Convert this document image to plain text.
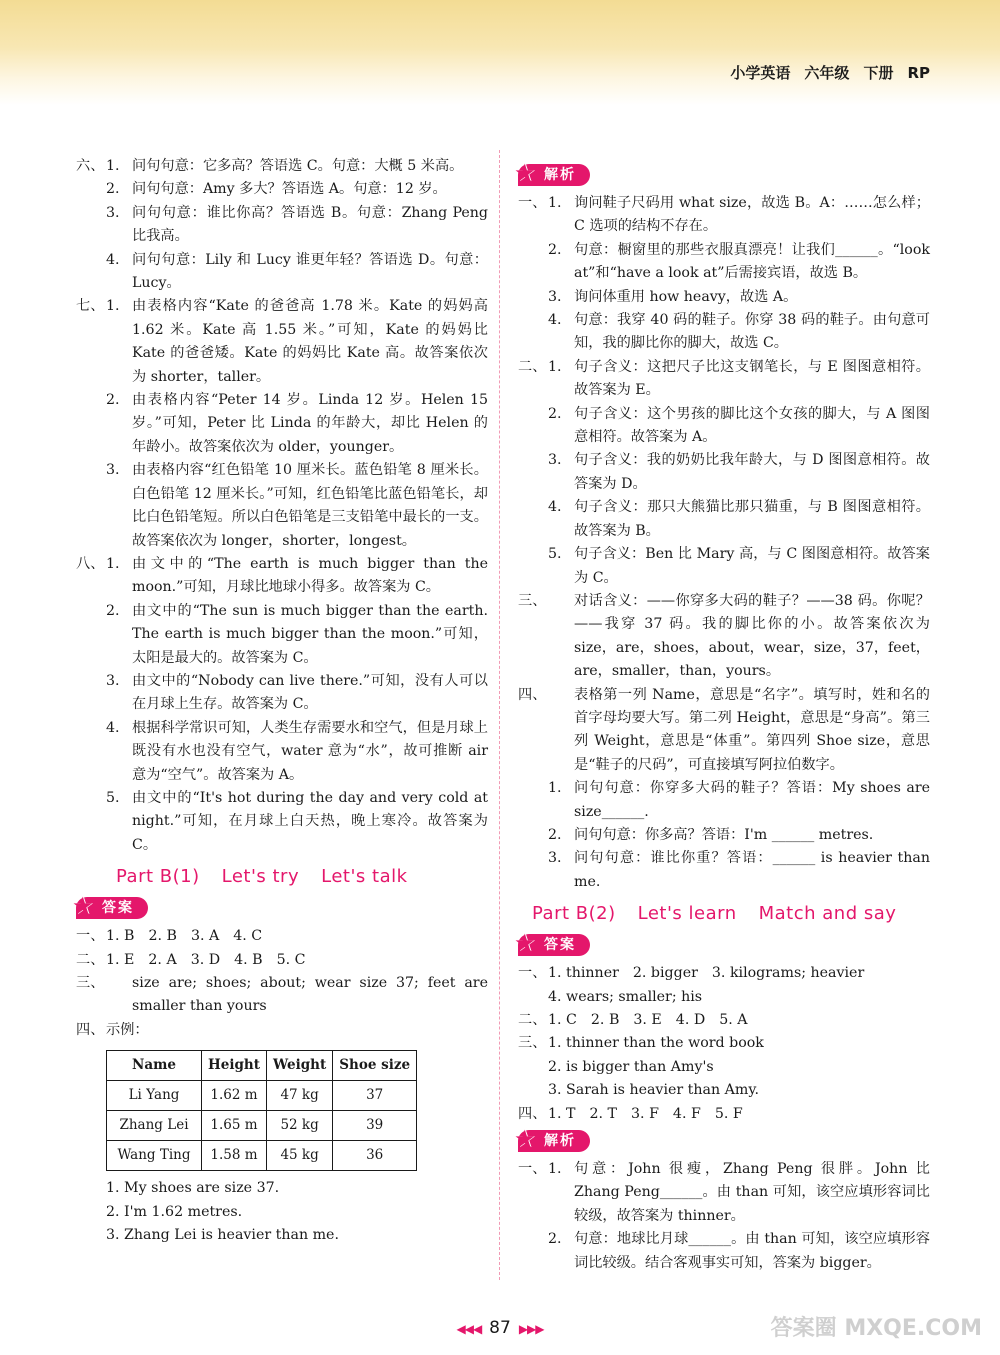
小学英语 六年级 下册 RP
六、 1. 问句句意：它多高？答语选 C。句意：大概 5 米高。
2. 问句句意：Amy 多大？答语选 A。句意：12 岁。
3. 问句句意：谁比你高？答语选 B。句意：Zhang Peng 比我高。
4. 问句句意：Lily 和 Lucy 谁更年轻？答语选 D。句意：Lucy。
七、 1. 由表格内容“Kate 的爸爸高 1.78 米。Kate 的妈妈高 1.62 米。Kate 高 1.55 米。”可知，Kate 的妈妈比 Kate 的爸爸矮。Kate 的妈妈比 Kate 高。故答案依次为 shorter，taller。
2. 由表格内容“Peter 14 岁。Linda 12 岁。Helen 15 岁。”可知，Peter 比 Linda 的年龄大，却比 Helen 的年龄小。故答案依次为 older，younger。
3. 由表格内容“红色铅笔 10 厘米长。蓝色铅笔 8 厘米长。白色铅笔 12 厘米长。”可知，红色铅笔比蓝色铅笔长，却比白色铅笔短。所以白色铅笔是三支铅笔中最长的一支。故答案依次为 longer，shorter，longest。
八、 1. 由文中的“The earth is much bigger than the moon.”可知，月球比地球小得多。故答案为 C。
2. 由文中的“The sun is much bigger than the earth. The earth is much bigger than the moon.”可知，太阳是最大的。故答案为 C。
3. 由文中的“Nobody can live there.”可知，没有人可以在月球上生存。故答案为 C。
4. 根据科学常识可知，人类生存需要水和空气，但是月球上既没有水也没有空气，water 意为“水”，故可推断 air 意为“空气”。故答案为 A。
5. 由文中的“It's hot during the day and very cold at night.”可知，在月球上白天热，晚上寒冷。故答案为 C。
Part B(1) Let's try Let's talk
★ 答案
一、 1. B 2. B 3. A 4. C
二、 1. E 2. A 3. D 4. B 5. C
三、	size are; shoes; about; wear size 37; feet are smaller than yours
四、 示例：
Name	Height	Weight	Shoe size
Li Yang	1.62 m	47 kg	37
Zhang Lei	1.65 m	52 kg	39
Wang Ting	1.58 m	45 kg	36
1. My shoes are size 37.
2. I'm 1.62 metres.
3. Zhang Lei is heavier than me.
★ 解析
一、 1. 询问鞋子尺码用 what size，故选 B。A：……怎么样；C 选项的结构不存在。
2. 句意：橱窗里的那些衣服真漂亮！让我们______。“look at”和“have a look at”后需接宾语，故选 B。
3. 询问体重用 how heavy，故选 A。
4. 句意：我穿 40 码的鞋子。你穿 38 码的鞋子。由句意可知，我的脚比你的脚大，故选 C。
二、 1. 句子含义：这把尺子比这支钢笔长，与 E 图图意相符。故答案为 E。
2. 句子含义：这个男孩的脚比这个女孩的脚大，与 A 图图意相符。故答案为 A。
3. 句子含义：我的奶奶比我年龄大，与 D 图图意相符。故答案为 D。
4. 句子含义：那只大熊猫比那只猫重，与 B 图图意相符。故答案为 B。
5. 句子含义：Ben 比 Mary 高，与 C 图图意相符。故答案为 C。
三、	对话含义：——你穿多大码的鞋子？——38 码。你呢？——我穿 37 码。我的脚比你的小。故答案依次为 size，are，shoes，about，wear，size，37，feet，are，smaller，than，yours。
四、	表格第一列 Name，意思是“名字”。填写时，姓和名的首字母均要大写。第二列 Height，意思是“身高”。第三列 Weight，意思是“体重”。第四列 Shoe size，意思是“鞋子的尺码”，可直接填写阿拉伯数字。
1. 问句句意：你穿多大码的鞋子？答语：My shoes are size______.
2. 问句句意：你多高？答语：I'm ______ metres.
3. 问句句意：谁比你重？答语：______ is heavier than me.
Part B(2) Let's learn Match and say
★ 答案
一、 1. thinner 2. bigger 3. kilograms; heavier
4. wears; smaller; his
二、 1. C 2. B 3. E 4. D 5. A
三、 1. thinner than the word book
2. is bigger than Amy's
3. Sarah is heavier than Amy.
四、 1. T 2. T 3. F 4. F 5. F
★ 解析
一、 1. 句意：John 很瘦，Zhang Peng 很胖。John 比 Zhang Peng______。由 than 可知，该空应填形容词比较级，故答案为 thinner。
2. 句意：地球比月球______。由 than 可知，该空应填形容词比较级。结合客观事实可知，答案为 bigger。
◀◀◀ 87 ▶▶▶	答案圈 MXQE.COM
